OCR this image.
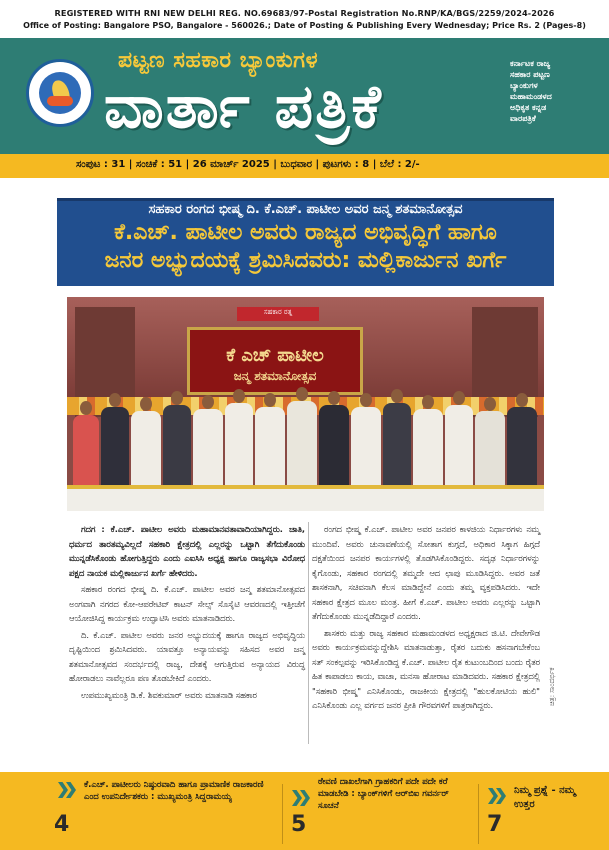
REGISTERED WITH RNI NEW DELHI REG. NO.69683/97-Postal Registration No.RNP/KA/BGS/2259/2024-2026
Office of Posting: Bangalore PSO, Bangalore - 560026.; Date of Posting & Publishing Every Wednesday; Price Rs. 2 (Pages-8)
ಪಟ್ಟಣ ಸಹಕಾರ ಬ್ಯಾಂಕುಗಳ
ವಾರ್ತಾ ಪತ್ರಿಕೆ
ಕರ್ನಾಟಕ ರಾಜ್ಯ
ಸಹಕಾರ ಪಟ್ಟಣ
ಬ್ಯಾಂಕುಗಳ
ಮಹಾಮಂಡಳದ
ಅಧಿಕೃತ ಕನ್ನಡ
ವಾರಪತ್ರಿಕೆ
ಸಂಪುಟ : 31 | ಸಂಚಿಕೆ : 51 | 26 ಮಾರ್ಚ್ 2025 | ಬುಧವಾರ | ಪುಟಗಳು : 8 | ಬೆಲೆ : 2/-
ಸಹಕಾರ ರಂಗದ ಭೀಷ್ಮ ದಿ. ಕೆ.ಎಚ್. ಪಾಟೀಲ ಅವರ ಜನ್ಮ ಶತಮಾನೋತ್ಸವ
ಕೆ.ಎಚ್. ಪಾಟೀಲ ಅವರು ರಾಜ್ಯದ ಅಭಿವೃದ್ಧಿಗೆ ಹಾಗೂ
ಜನರ ಅಭ್ಯುದಯಕ್ಕೆ ಶ್ರಮಿಸಿದವರು: ಮಲ್ಲಿಕಾರ್ಜುನ ಖರ್ಗೆ
ಸಹಕಾರ ರತ್ನ
ಕೆ ಎಚ್ ಪಾಟೀಲ
ಜನ್ಮ ಶತಮಾನೋತ್ಸವ

ಗದಗ : ಕೆ.ಎಚ್. ಪಾಟೀಲ ಅವರು ಮಹಾಮಾನವತಾವಾದಿಯಾಗಿದ್ದರು. ಜಾತಿ, ಧರ್ಮದ ತಾರತಮ್ಯವಿಲ್ಲದೆ ಸಹಕಾರಿ ಕ್ಷೇತ್ರದಲ್ಲಿ ಎಲ್ಲರನ್ನು ಒಟ್ಟಾಗಿ ತೆಗೆದುಕೊಂಡು ಮುನ್ನಡೆಸಿಕೊಂಡು ಹೋಗುತ್ತಿದ್ದರು ಎಂದು ಎಐಸಿಸಿ ಅಧ್ಯಕ್ಷ ಹಾಗೂ ರಾಜ್ಯಸಭಾ ವಿರೋಧ ಪಕ್ಷದ ನಾಯಕ ಮಲ್ಲಿಕಾರ್ಜುನ ಖರ್ಗೆ ಹೇಳಿದರು.

ಸಹಕಾರ ರಂಗದ ಭೀಷ್ಮ ದಿ. ಕೆ.ಎಚ್. ಪಾಟೀಲ ಅವರ ಜನ್ಮ ಶತಮಾನೋತ್ಸವದ ಅಂಗವಾಗಿ ನಗರದ ಕೋ-ಆಪರೇಟಿವ್ ಕಾಟನ್ ಸೇಲ್ಸ್ ಸೊಸೈಟಿ ಆವರಣದಲ್ಲಿ ಇತ್ತೀಚೆಗೆ ಆಯೋಜಿಸಿದ್ದ ಕಾರ್ಯಕ್ರಮ ಉದ್ಘಾಟಿಸಿ ಅವರು ಮಾತನಾಡಿದರು.

ದಿ. ಕೆ.ಎಚ್. ಪಾಟೀಲ ಅವರು ಜನರ ಅಭ್ಯುದಯಕ್ಕೆ ಹಾಗೂ ರಾಜ್ಯದ ಅಭಿವೃದ್ಧಿಯ ದೃಷ್ಟಿಯಿಂದ ಶ್ರಮಿಸಿದವರು. ಯಾವತ್ತೂ ಅನ್ಯಾಯವನ್ನು ಸಹಿಸದ ಅವರ ಜನ್ಮ ಶತಮಾನೋತ್ಸವದ ಸಂದರ್ಭದಲ್ಲಿ ರಾಜ್ಯ, ದೇಶಕ್ಕೆ ಆಗುತ್ತಿರುವ ಅನ್ಯಾಯದ ವಿರುದ್ಧ ಹೋರಾಡಲು ನಾವೆಲ್ಲರೂ ಪಣ ತೊಡಬೇಕಿದೆ ಎಂದರು.

ಉಪಮುಖ್ಯಮಂತ್ರಿ ಡಿ.ಕೆ. ಶಿವಕುಮಾರ್ ಅವರು ಮಾತನಾಡಿ ಸಹಕಾರ

ರಂಗದ ಭೀಷ್ಮ ಕೆ.ಎಚ್. ಪಾಟೀಲ ಅವರ ಜನಪರ ಕಾಳಜಿಯ ನಿರ್ಧಾರಗಳು ನಮ್ಮ ಮುಂದಿವೆ. ಅವರು ಚುನಾವಣೆಯಲ್ಲಿ ಸೋತಾಗ ಕುಗ್ಗದೆ, ಅಧಿಕಾರ ಸಿಕ್ಕಾಗ ಹಿಗ್ಗದೆ ದಕ್ಷತೆಯಿಂದ ಜನಪರ ಕಾರ್ಯಗಳಲ್ಲಿ ತೊಡಗಿಸಿಕೊಂಡಿದ್ದರು. ಸದೃಢ ನಿರ್ಧಾರಗಳನ್ನು ಕೈಗೊಂಡು, ಸಹಕಾರ ರಂಗದಲ್ಲಿ ತಮ್ಮದೇ ಆದ ಛಾಪು ಮೂಡಿಸಿದ್ದರು. ಅವರ ಜತೆ ಶಾಸಕನಾಗಿ, ಸಚಿವನಾಗಿ ಕೆಲಸ ಮಾಡಿದ್ದೇನೆ ಎಂದು ತಮ್ಮ ವ್ಯಕ್ತಪಡಿಸಿದರು. ಇದೇ ಸಹಕಾರ ಕ್ಷೇತ್ರದ ಮೂಲ ಮಂತ್ರ. ಹೀಗೆ ಕೆ.ಎಚ್. ಪಾಟೀಲ ಅವರು ಎಲ್ಲರನ್ನು ಒಟ್ಟಾಗಿ ತೆಗೆದುಕೊಂಡು ಮುನ್ನಡೆದಿದ್ದಾರೆ ಎಂದರು.

ಶಾಸಕರು ಮತ್ತು ರಾಜ್ಯ ಸಹಕಾರ ಮಹಾಮಂಡಳದ ಅಧ್ಯಕ್ಷರಾದ ಜಿ.ಟಿ. ದೇವೇಗೌಡ ಅವರು ಕಾರ್ಯಕ್ರಮವನ್ನುದ್ದೇಶಿಸಿ ಮಾತನಾಡುತ್ತಾ, ರೈತರ ಬದುಕು ಹಸನಾಗಬೇಕೆಂಬ ಸತ್ ಸಂಕಲ್ಪವನ್ನು ಇರಿಸಿಕೊಂಡಿದ್ದ ಕೆ.ಎಚ್. ಪಾಟೀಲ ರೈತ ಕುಟುಂಬದಿಂದ ಬಂದು ರೈತರ ಹಿತ ಕಾಪಾಡಲು ಕಾಯ, ವಾಚಾ, ಮನಸಾ ಹೋರಾಟ ಮಾಡಿದವರು. ಸಹಕಾರ ಕ್ಷೇತ್ರದಲ್ಲಿ "ಸಹಕಾರಿ ಭೀಷ್ಮ" ಎನಿಸಿಕೊಂಡು, ರಾಜಕೀಯ ಕ್ಷೇತ್ರದಲ್ಲಿ "ಹುಲಕೋಟಿಯ ಹುಲಿ" ಎನಿಸಿಕೊಂಡು ಎಲ್ಲ ವರ್ಗದ ಜನರ ಪ್ರೀತಿ ಗೌರವಗಳಿಗೆ ಪಾತ್ರರಾಗಿದ್ದರು.	ಚಿತ್ರ: ಸಾಂದರ್ಭಿಕ
ಕೆ.ಎಚ್. ಪಾಟೀಲರು ನಿಷ್ಠುರವಾದಿ ಹಾಗೂ ಪ್ರಾಮಾಣಿಕ ರಾಜಕಾರಣಿ ಎಂದ ಉಪನಿರ್ದೇಶಕರು : ಮುಖ್ಯಮಂತ್ರಿ ಸಿದ್ದರಾಮಯ್ಯ
4
ಠೇವಣಿ ದಾಖಲೆಗಾಗಿ ಗ್ರಾಹಕರಿಗೆ ಪದೇ ಪದೇ ಕರೆ ಮಾಡಬೇಡಿ : ಬ್ಯಾಂಕ್‌ಗಳಿಗೆ ಆರ್‌ಬಿಐ ಗವರ್ನರ್ ಸೂಚನೆ
5
ನಿಮ್ಮ ಪ್ರಶ್ನೆ - ನಮ್ಮ ಉತ್ತರ
7
